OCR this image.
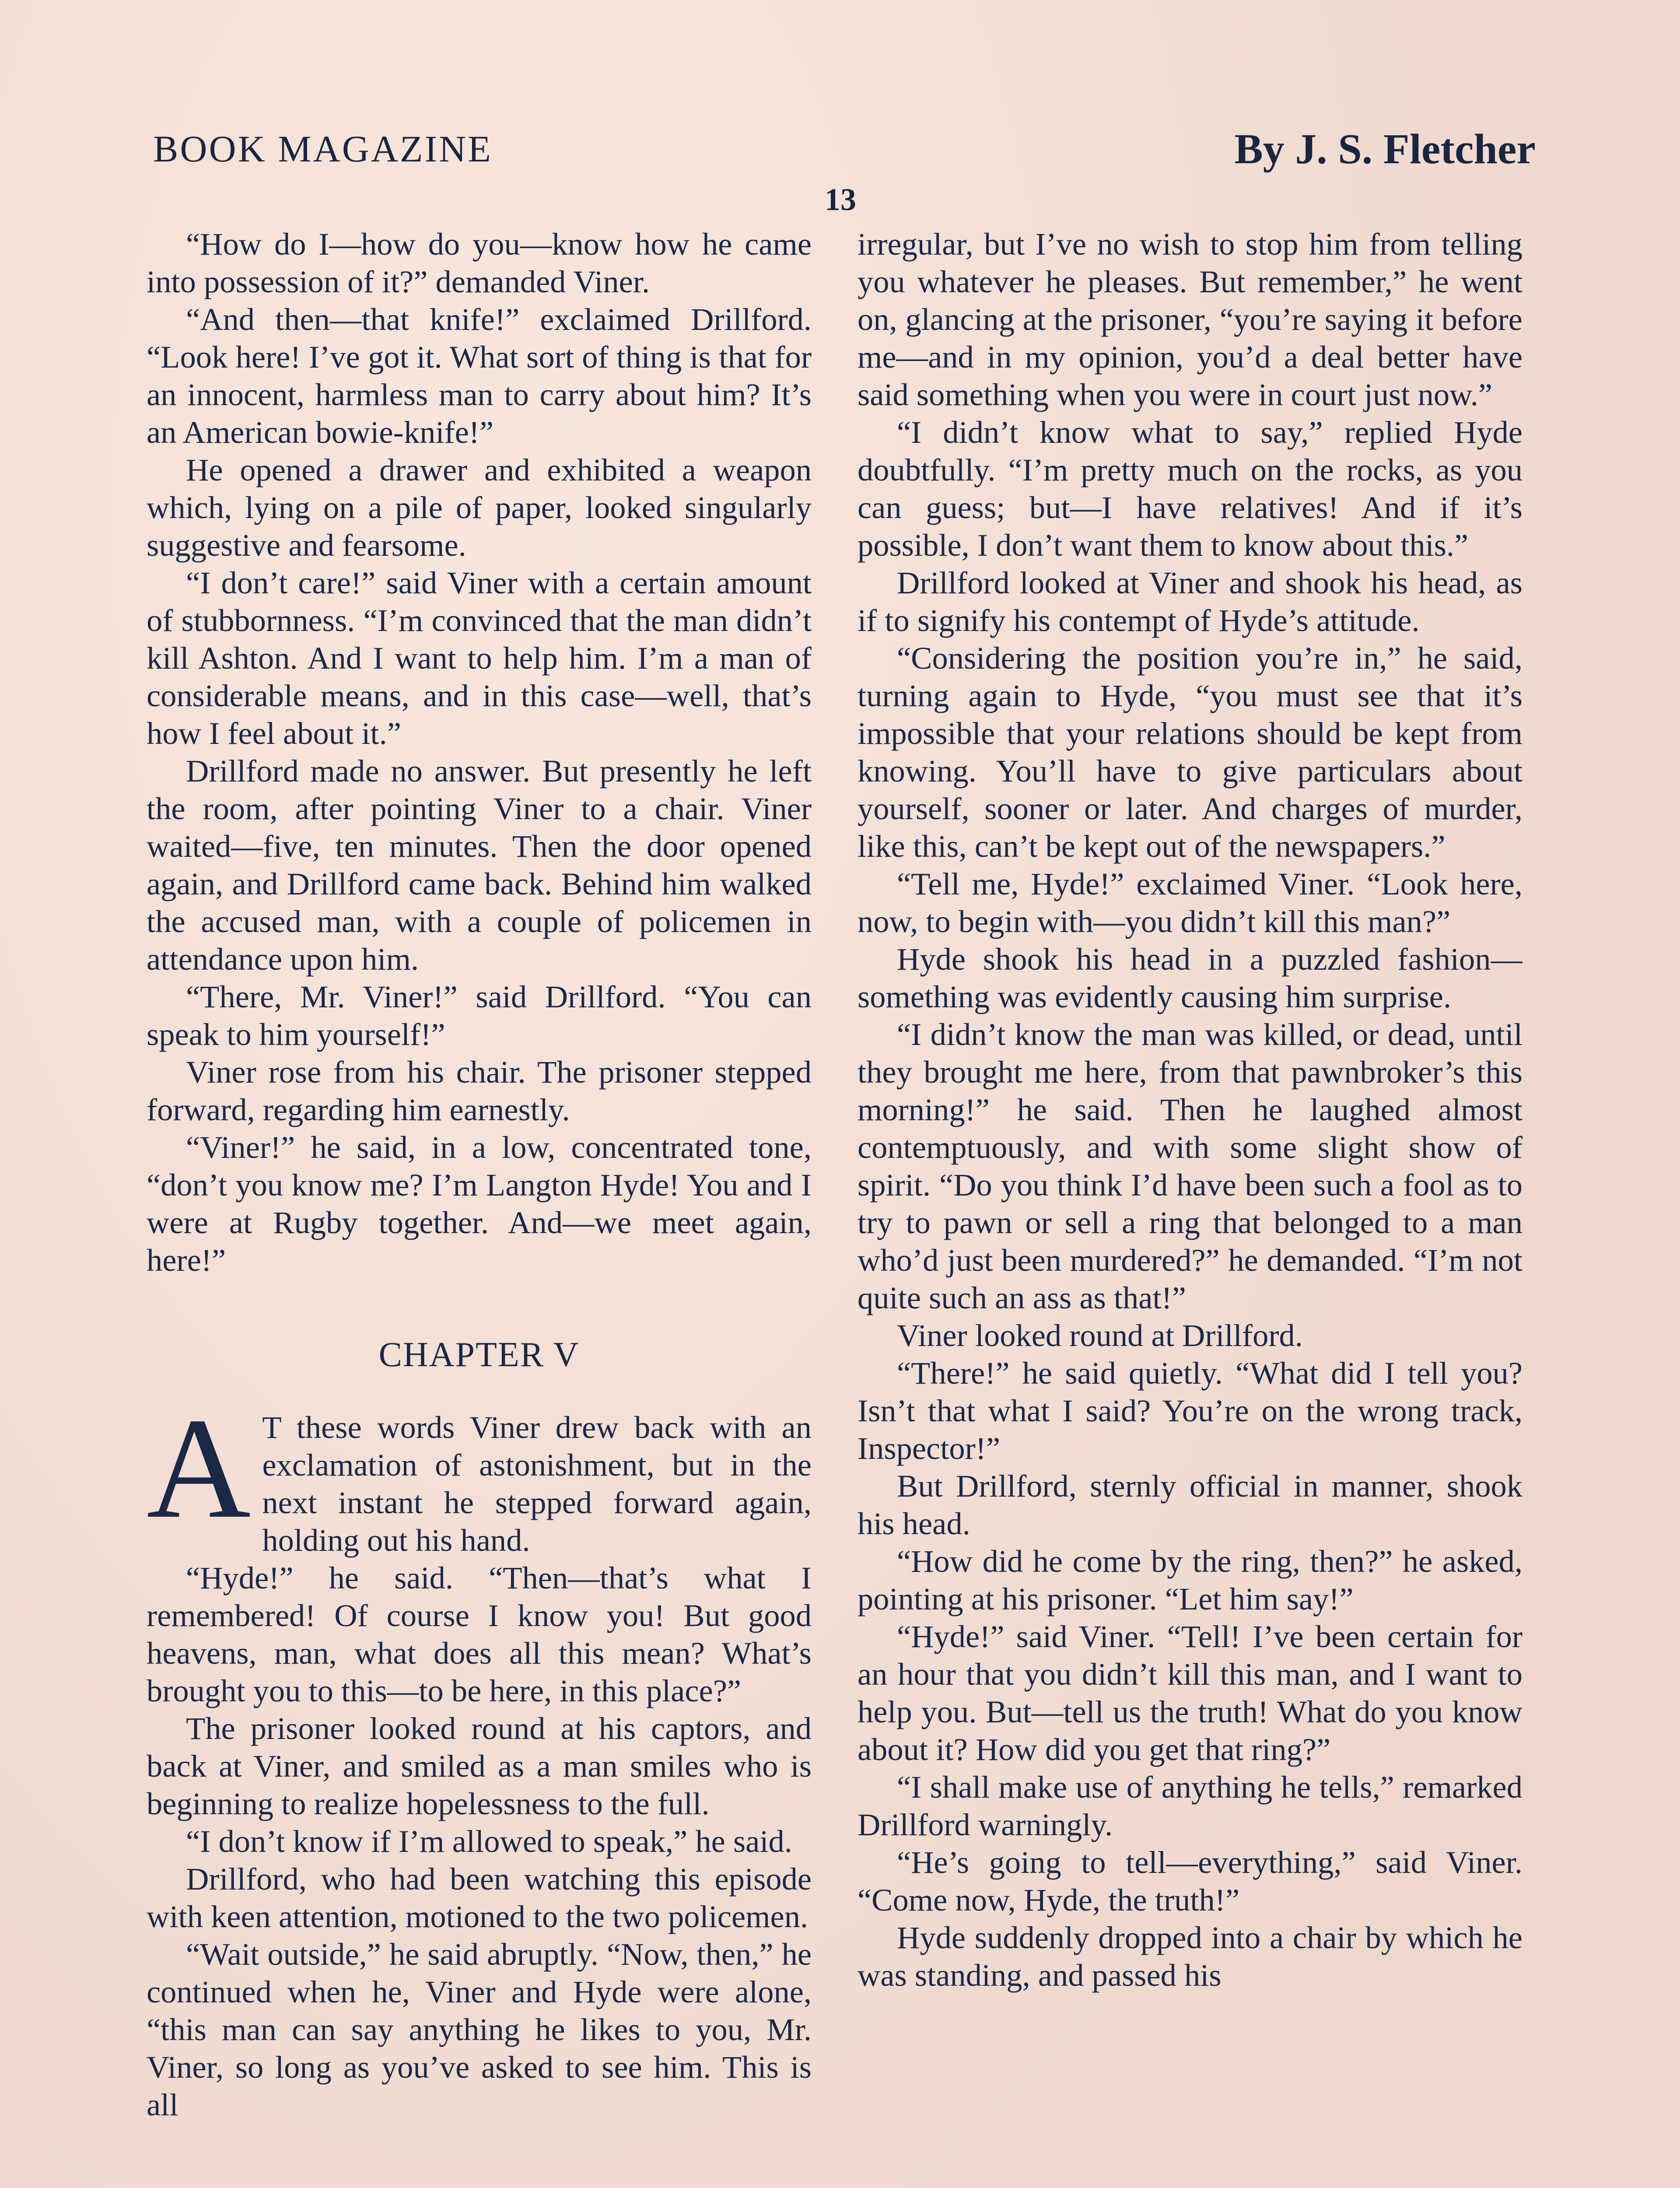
BOOK MAGAZINE	By J. S. Fletcher
13

“How do I—how do you—know how he came into possession of it?” demanded Viner.

“And then—that knife!” exclaimed Drillford. “Look here! I’ve got it. What sort of thing is that for an innocent, harmless man to carry about him? It’s an American bowie-knife!”

He opened a drawer and exhibited a weapon which, lying on a pile of paper, looked singularly suggestive and fearsome.

“I don’t care!” said Viner with a certain amount of stubbornness. “I’m convinced that the man didn’t kill Ashton. And I want to help him. I’m a man of considerable means, and in this case—well, that’s how I feel about it.”

Drillford made no answer. But presently he left the room, after pointing Viner to a chair. Viner waited—five, ten minutes. Then the door opened again, and Drillford came back. Behind him walked the accused man, with a couple of policemen in attendance upon him.

“There, Mr. Viner!” said Drillford. “You can speak to him yourself!”

Viner rose from his chair. The prisoner stepped forward, regarding him earnestly.

“Viner!” he said, in a low, concentrated tone, “don’t you know me? I’m Langton Hyde! You and I were at Rugby together. And—we meet again, here!”

CHAPTER V

A T these words Viner drew back with an exclamation of astonishment, but in the next instant he stepped forward again, holding out his hand.

“Hyde!” he said. “Then—that’s what I remembered! Of course I know you! But good heavens, man, what does all this mean? What’s brought you to this—to be here, in this place?”

The prisoner looked round at his captors, and back at Viner, and smiled as a man smiles who is beginning to realize hopelessness to the full.

“I don’t know if I’m allowed to speak,” he said.

Drillford, who had been watching this episode with keen attention, motioned to the two policemen.

“Wait outside,” he said abruptly. “Now, then,” he continued when he, Viner and Hyde were alone, “this man can say anything he likes to you, Mr. Viner, so long as you’ve asked to see him. This is all

irregular, but I’ve no wish to stop him from telling you whatever he pleases. But remember,” he went on, glancing at the prisoner, “you’re saying it before me—and in my opinion, you’d a deal better have said something when you were in court just now.”

“I didn’t know what to say,” replied Hyde doubtfully. “I’m pretty much on the rocks, as you can guess; but—I have relatives! And if it’s possible, I don’t want them to know about this.”

Drillford looked at Viner and shook his head, as if to signify his contempt of Hyde’s attitude.

“Considering the position you’re in,” he said, turning again to Hyde, “you must see that it’s impossible that your relations should be kept from knowing. You’ll have to give particulars about yourself, sooner or later. And charges of murder, like this, can’t be kept out of the newspapers.”

“Tell me, Hyde!” exclaimed Viner. “Look here, now, to begin with—you didn’t kill this man?”

Hyde shook his head in a puzzled fashion—something was evidently causing him surprise.

“I didn’t know the man was killed, or dead, until they brought me here, from that pawnbroker’s this morning!” he said. Then he laughed almost contemptuously, and with some slight show of spirit. “Do you think I’d have been such a fool as to try to pawn or sell a ring that belonged to a man who’d just been murdered?” he demanded. “I’m not quite such an ass as that!”

Viner looked round at Drillford.

“There!” he said quietly. “What did I tell you? Isn’t that what I said? You’re on the wrong track, Inspector!”

But Drillford, sternly official in manner, shook his head.

“How did he come by the ring, then?” he asked, pointing at his prisoner. “Let him say!”

“Hyde!” said Viner. “Tell! I’ve been certain for an hour that you didn’t kill this man, and I want to help you. But—tell us the truth! What do you know about it? How did you get that ring?”

“I shall make use of anything he tells,” remarked Drillford warningly.

“He’s going to tell—everything,” said Viner. “Come now, Hyde, the truth!”

Hyde suddenly dropped into a chair by which he was standing, and passed his
